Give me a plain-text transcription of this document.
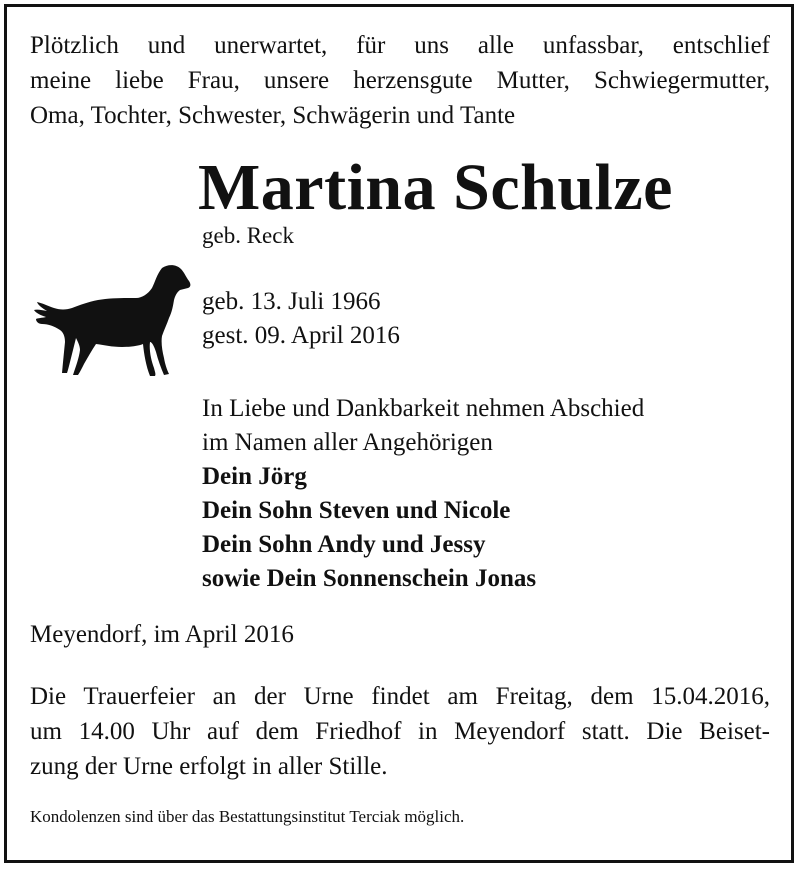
Plötzlich und unerwartet, für uns alle unfassbar, entschlief
meine liebe Frau, unsere herzensgute Mutter, Schwiegermutter,
Oma, Tochter, Schwester, Schwägerin und Tante
Martina Schulze
geb. Reck
geb. 13. Juli 1966
gest. 09. April 2016
In Liebe und Dankbarkeit nehmen Abschied
im Namen aller Angehörigen
Dein Jörg
Dein Sohn Steven und Nicole
Dein Sohn Andy und Jessy
sowie Dein Sonnenschein Jonas
Meyendorf, im April 2016
Die Trauerfeier an der Urne findet am Freitag, dem 15.04.2016,
um 14.00 Uhr auf dem Friedhof in Meyendorf statt. Die Beiset-
zung der Urne erfolgt in aller Stille.
Kondolenzen sind über das Bestattungsinstitut Terciak möglich.
